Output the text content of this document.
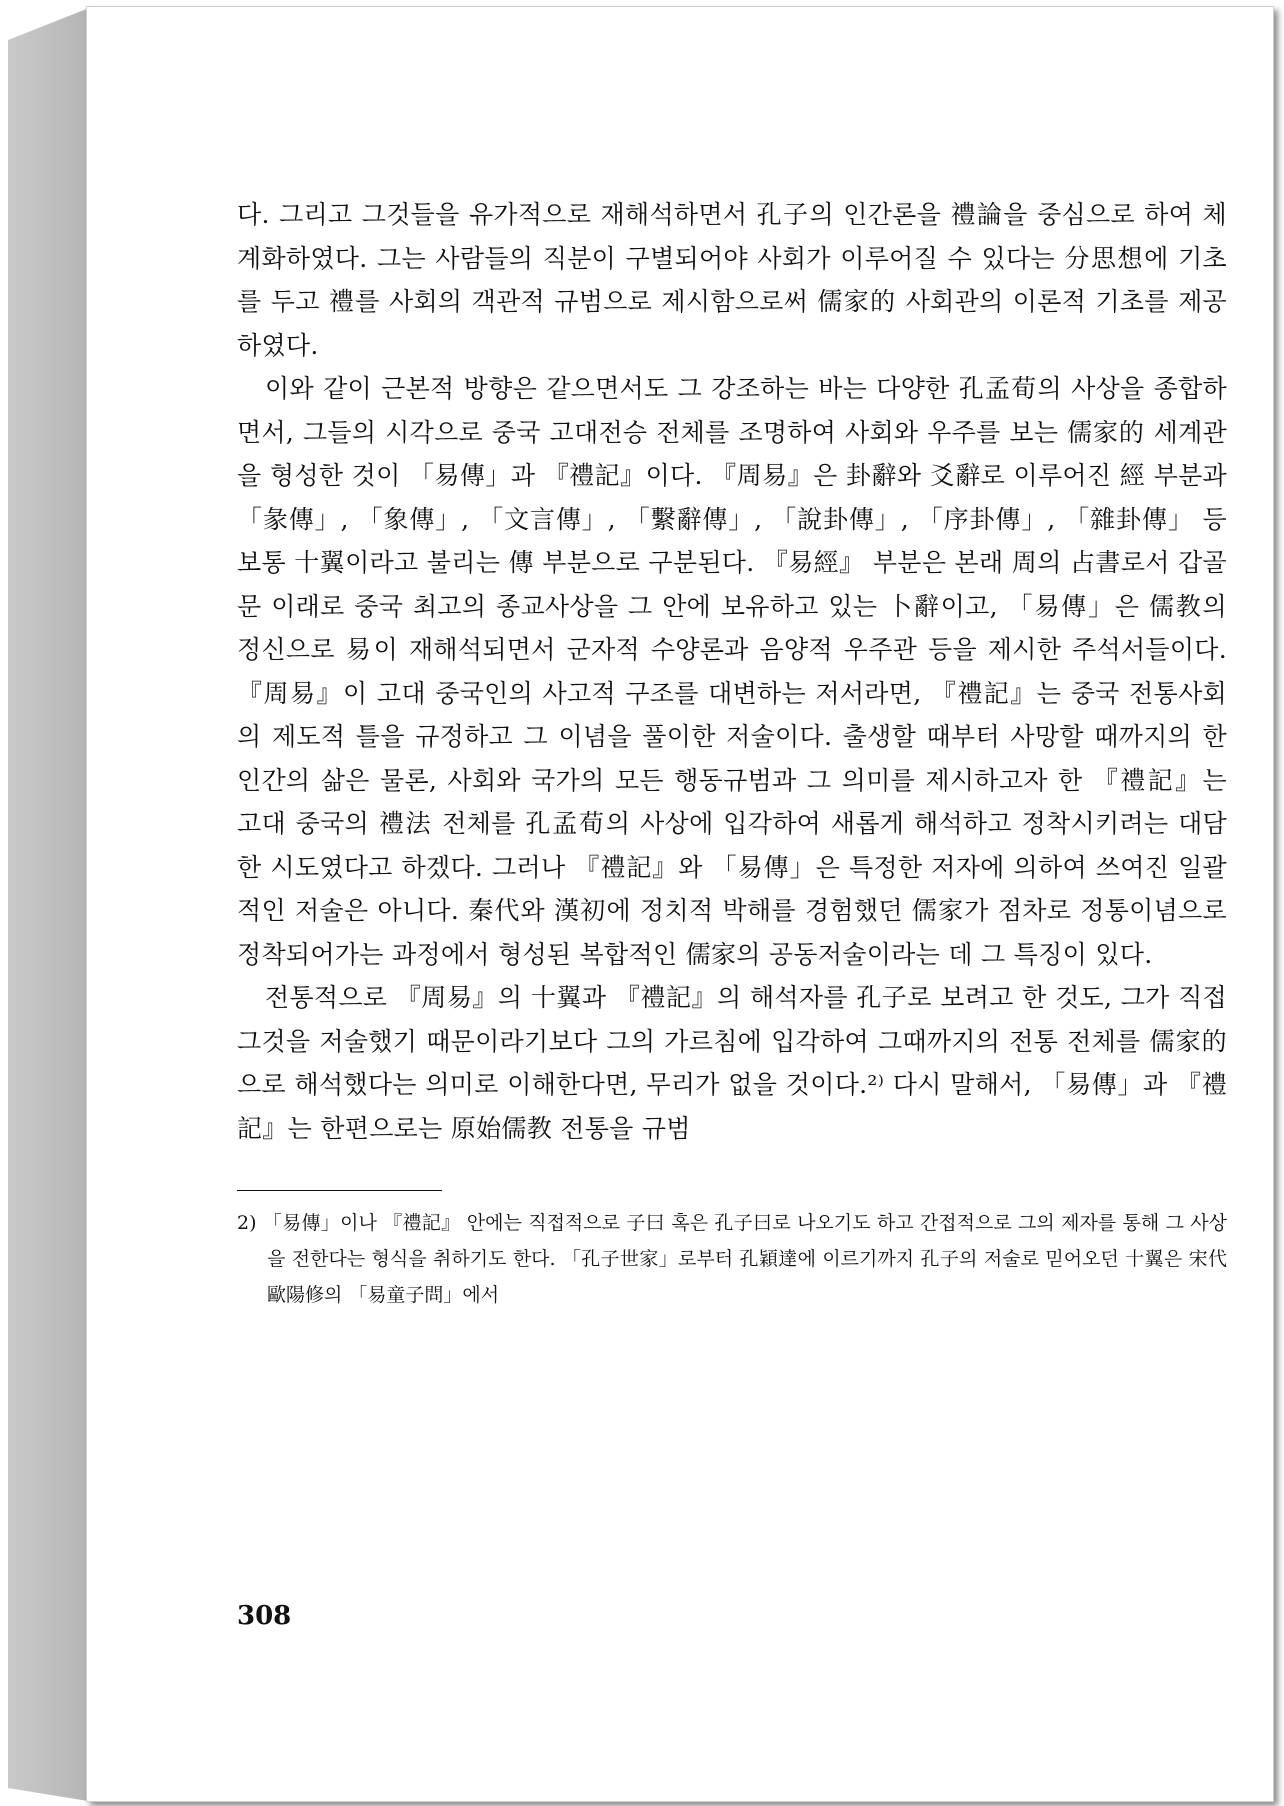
다. 그리고 그것들을 유가적으로 재해석하면서 孔子의 인간론을 禮論을 중심으로 하여 체계화하였다. 그는 사람들의 직분이 구별되어야 사회가 이루어질 수 있다는 分思想에 기초를 두고 禮를 사회의 객관적 규범으로 제시함으로써 儒家的 사회관의 이론적 기초를 제공하였다.

이와 같이 근본적 방향은 같으면서도 그 강조하는 바는 다양한 孔孟荀의 사상을 종합하면서, 그들의 시각으로 중국 고대전승 전체를 조명하여 사회와 우주를 보는 儒家的 세계관을 형성한 것이 「易傳」과 『禮記』이다. 『周易』은 卦辭와 爻辭로 이루어진 經 부분과 「彖傳」, 「象傳」, 「文言傳」, 「繫辭傳」, 「說卦傳」, 「序卦傳」, 「雜卦傳」 등 보통 十翼이라고 불리는 傳 부분으로 구분된다. 『易經』 부분은 본래 周의 占書로서 갑골문 이래로 중국 최고의 종교사상을 그 안에 보유하고 있는 卜辭이고, 「易傳」은 儒教의 정신으로 易이 재해석되면서 군자적 수양론과 음양적 우주관 등을 제시한 주석서들이다. 『周易』이 고대 중국인의 사고적 구조를 대변하는 저서라면, 『禮記』는 중국 전통사회의 제도적 틀을 규정하고 그 이념을 풀이한 저술이다. 출생할 때부터 사망할 때까지의 한 인간의 삶은 물론, 사회와 국가의 모든 행동규범과 그 의미를 제시하고자 한 『禮記』는 고대 중국의 禮法 전체를 孔孟荀의 사상에 입각하여 새롭게 해석하고 정착시키려는 대담한 시도였다고 하겠다. 그러나 『禮記』와 「易傳」은 특정한 저자에 의하여 쓰여진 일괄적인 저술은 아니다. 秦代와 漢初에 정치적 박해를 경험했던 儒家가 점차로 정통이념으로 정착되어가는 과정에서 형성된 복합적인 儒家의 공동저술이라는 데 그 특징이 있다.

전통적으로 『周易』의 十翼과 『禮記』의 해석자를 孔子로 보려고 한 것도, 그가 직접 그것을 저술했기 때문이라기보다 그의 가르침에 입각하여 그때까지의 전통 전체를 儒家的으로 해석했다는 의미로 이해한다면, 무리가 없을 것이다.²⁾ 다시 말해서, 「易傳」과 『禮記』는 한편으로는 原始儒教 전통을 규범

2) 「易傳」이나 『禮記』 안에는 직접적으로 子曰 혹은 孔子曰로 나오기도 하고 간접적으로 그의 제자를 통해 그 사상을 전한다는 형식을 취하기도 한다. 「孔子世家」로부터 孔穎達에 이르기까지 孔子의 저술로 믿어오던 十翼은 宋代 歐陽修의 「易童子問」에서
308
